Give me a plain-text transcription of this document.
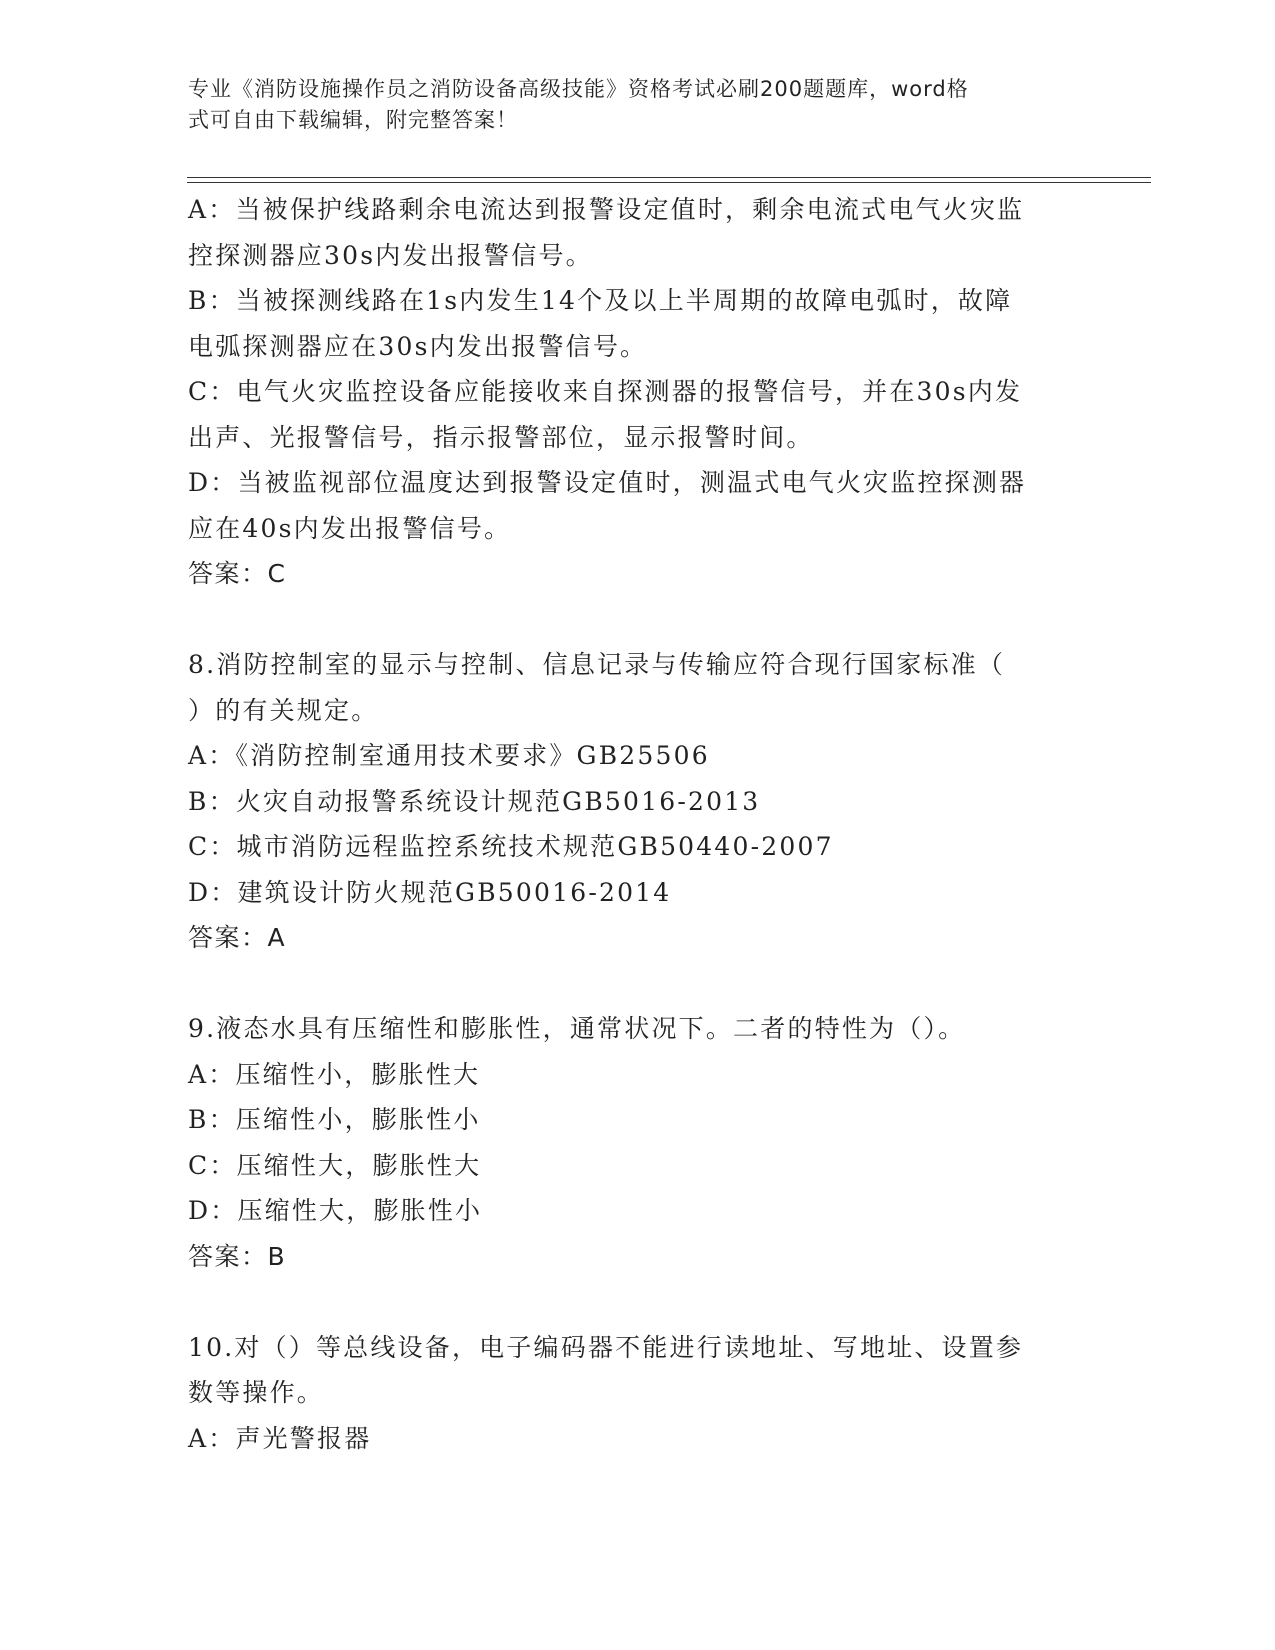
专业《消防设施操作员之消防设备高级技能》资格考试必刷200题题库，word格
式可自由下载编辑，附完整答案！
A：当被保护线路剩余电流达到报警设定值时，剩余电流式电气火灾监
控探测器应30s内发出报警信号。
B：当被探测线路在1s内发生14个及以上半周期的故障电弧时，故障
电弧探测器应在30s内发出报警信号。
C：电气火灾监控设备应能接收来自探测器的报警信号，并在30s内发
出声、光报警信号，指示报警部位，显示报警时间。
D：当被监视部位温度达到报警设定值时，测温式电气火灾监控探测器
应在40s内发出报警信号。
答案：C
8.消防控制室的显示与控制、信息记录与传输应符合现行国家标准（
）的有关规定。
A：《消防控制室通用技术要求》GB25506
B：火灾自动报警系统设计规范GB5016-2013
C：城市消防远程监控系统技术规范GB50440-2007
D：建筑设计防火规范GB50016-2014
答案：A
9.液态水具有压缩性和膨胀性，通常状况下。二者的特性为（）。
A：压缩性小，膨胀性大
B：压缩性小，膨胀性小
C：压缩性大，膨胀性大
D：压缩性大，膨胀性小
答案：B
10.对（）等总线设备，电子编码器不能进行读地址、写地址、设置参
数等操作。
A：声光警报器
